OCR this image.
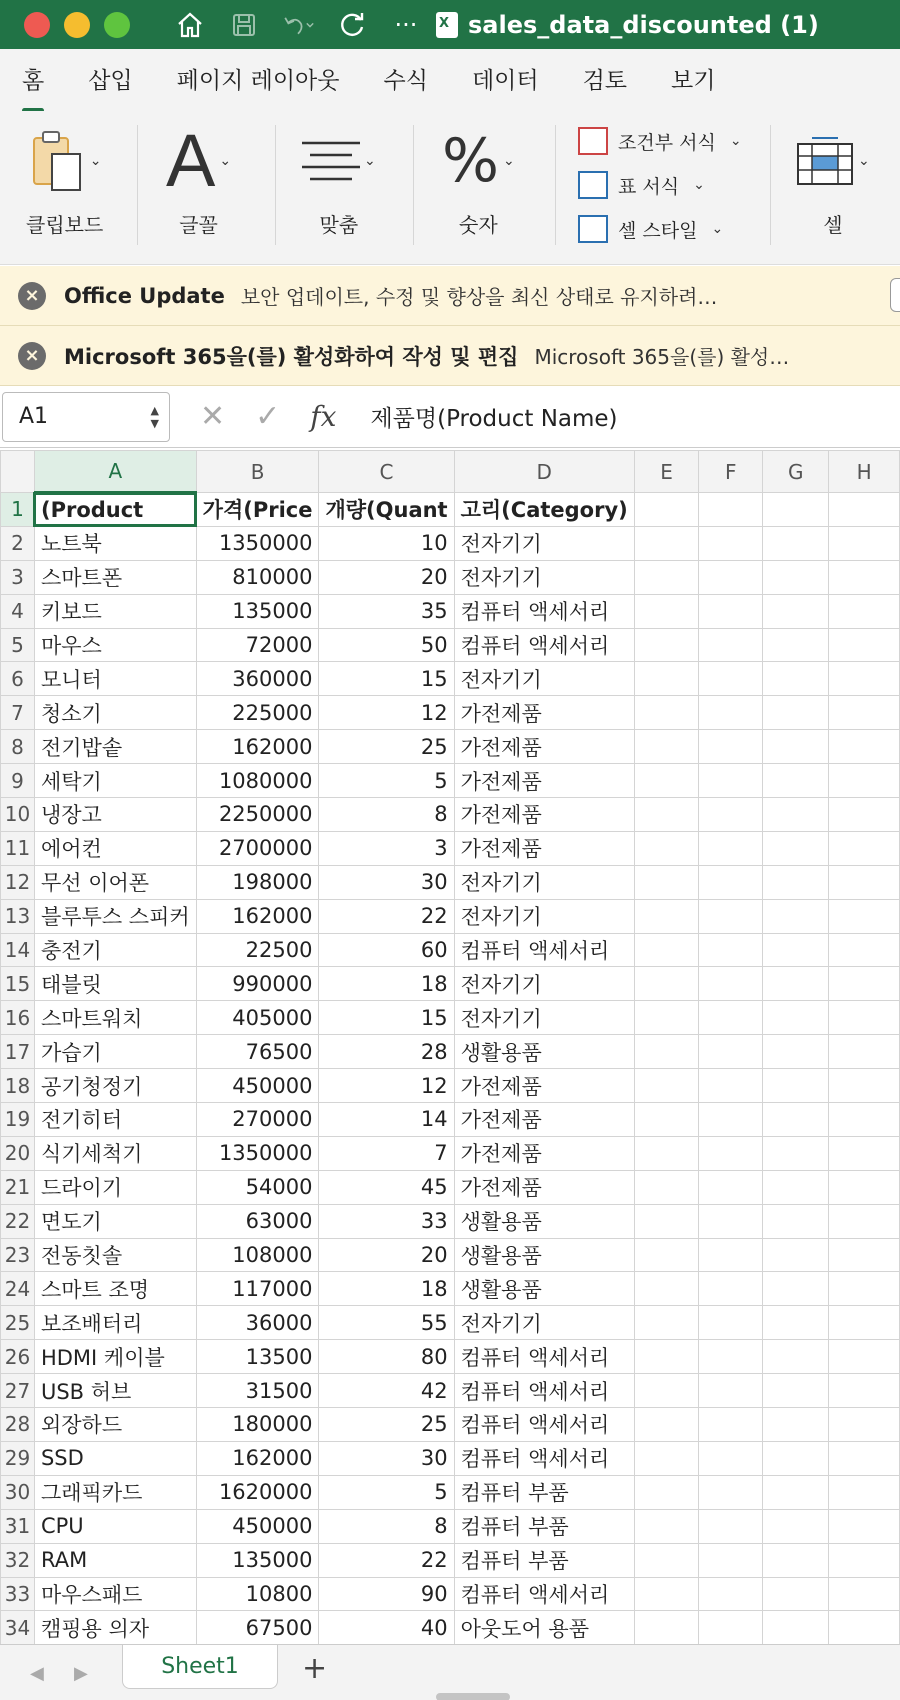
··· X sales_data_discounted (1)
홈 삽입 페이지 레이아웃 수식 데이터 검토 보기
⌄
클립보드
A ⌄
글꼴
⌄
맞춤
% ⌄
숫자
조건부 서식 ⌄
표 서식 ⌄
셀 스타일 ⌄
⌄
셀
×	Office Update 보안 업데이트, 수정 및 향상을 최신 상태로 유지하려…
×	Microsoft 365을(를) 활성화하여 작성 및 편집 Microsoft 365을(를) 활성…
A1	▲
▼ ✕ ✓ fx 제품명(Product Name)
	A	B	C	D	E	F	G	H
1	(Product	가격(Price	개량(Quant	고리(Category)				
2	노트북	1350000	10	전자기기				
3	스마트폰	810000	20	전자기기				
4	키보드	135000	35	컴퓨터 액세서리				
5	마우스	72000	50	컴퓨터 액세서리				
6	모니터	360000	15	전자기기				
7	청소기	225000	12	가전제품				
8	전기밥솥	162000	25	가전제품				
9	세탁기	1080000	5	가전제품				
10	냉장고	2250000	8	가전제품				
11	에어컨	2700000	3	가전제품				
12	무선 이어폰	198000	30	전자기기				
13	블루투스 스피커	162000	22	전자기기				
14	충전기	22500	60	컴퓨터 액세서리				
15	태블릿	990000	18	전자기기				
16	스마트워치	405000	15	전자기기				
17	가습기	76500	28	생활용품				
18	공기청정기	450000	12	가전제품				
19	전기히터	270000	14	가전제품				
20	식기세척기	1350000	7	가전제품				
21	드라이기	54000	45	가전제품				
22	면도기	63000	33	생활용품				
23	전동칫솔	108000	20	생활용품				
24	스마트 조명	117000	18	생활용품				
25	보조배터리	36000	55	전자기기				
26	HDMI 케이블	13500	80	컴퓨터 액세서리				
27	USB 허브	31500	42	컴퓨터 액세서리				
28	외장하드	180000	25	컴퓨터 액세서리				
29	SSD	162000	30	컴퓨터 액세서리				
30	그래픽카드	1620000	5	컴퓨터 부품				
31	CPU	450000	8	컴퓨터 부품				
32	RAM	135000	22	컴퓨터 부품				
33	마우스패드	10800	90	컴퓨터 액세서리				
34	캠핑용 의자	67500	40	아웃도어 용품				
◀ ▶	Sheet1	+
